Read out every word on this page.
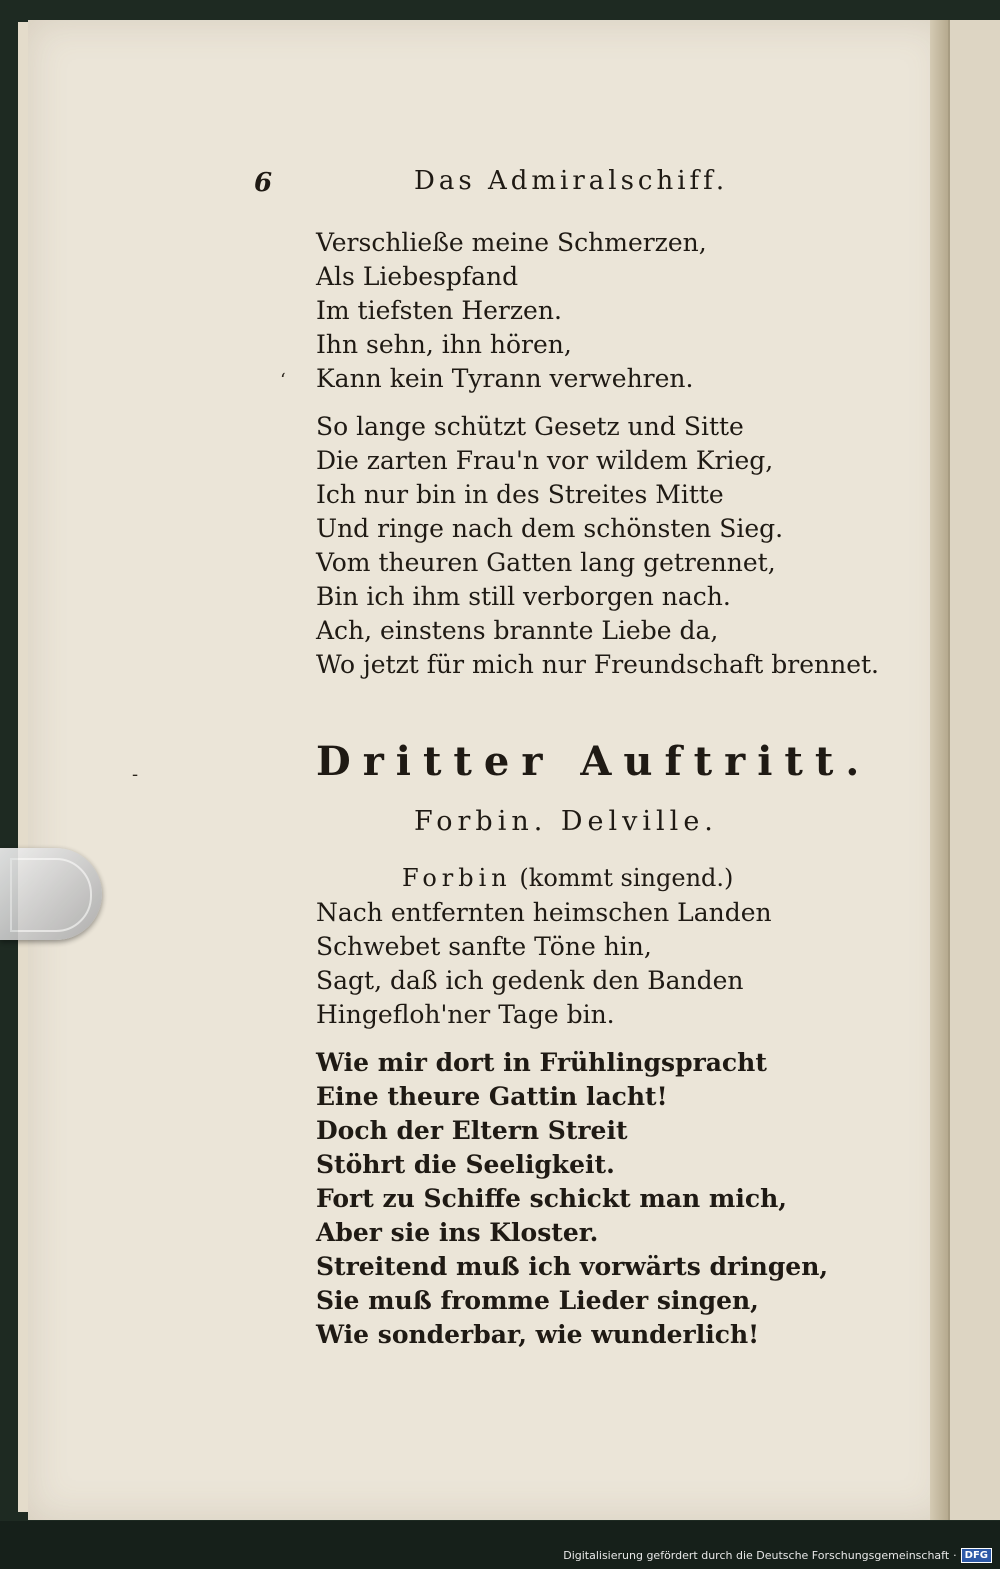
6	Das Admiralschiff.
Verschließe meine Schmerzen,
Als Liebespfand
Im tiefsten Herzen.
Ihn sehn, ihn hören,
Kann kein Tyrann verwehren.
So lange schützt Gesetz und Sitte
Die zarten Frau'n vor wildem Krieg,
Ich nur bin in des Streites Mitte
Und ringe nach dem schönsten Sieg.
Vom theuren Gatten lang getrennet,
Bin ich ihm still verborgen nach.
Ach, einstens brannte Liebe da,
Wo jetzt für mich nur Freundschaft brennet.
Dritter Auftritt.
Forbin. Delville.
Forbin (kommt singend.)
Nach entfernten heimschen Landen
Schwebet sanfte Töne hin,
Sagt, daß ich gedenk den Banden
Hingefloh'ner Tage bin.
Wie mir dort in Frühlingspracht
Eine theure Gattin lacht!
Doch der Eltern Streit
Stöhrt die Seeligkeit.
Fort zu Schiffe schickt man mich,
Aber sie ins Kloster.
Streitend muß ich vorwärts dringen,
Sie muß fromme Lieder singen,
Wie sonderbar, wie wunderlich!
‘
-
Digitalisierung gefördert durch die Deutsche Forschungsgemeinschaft · DFG
